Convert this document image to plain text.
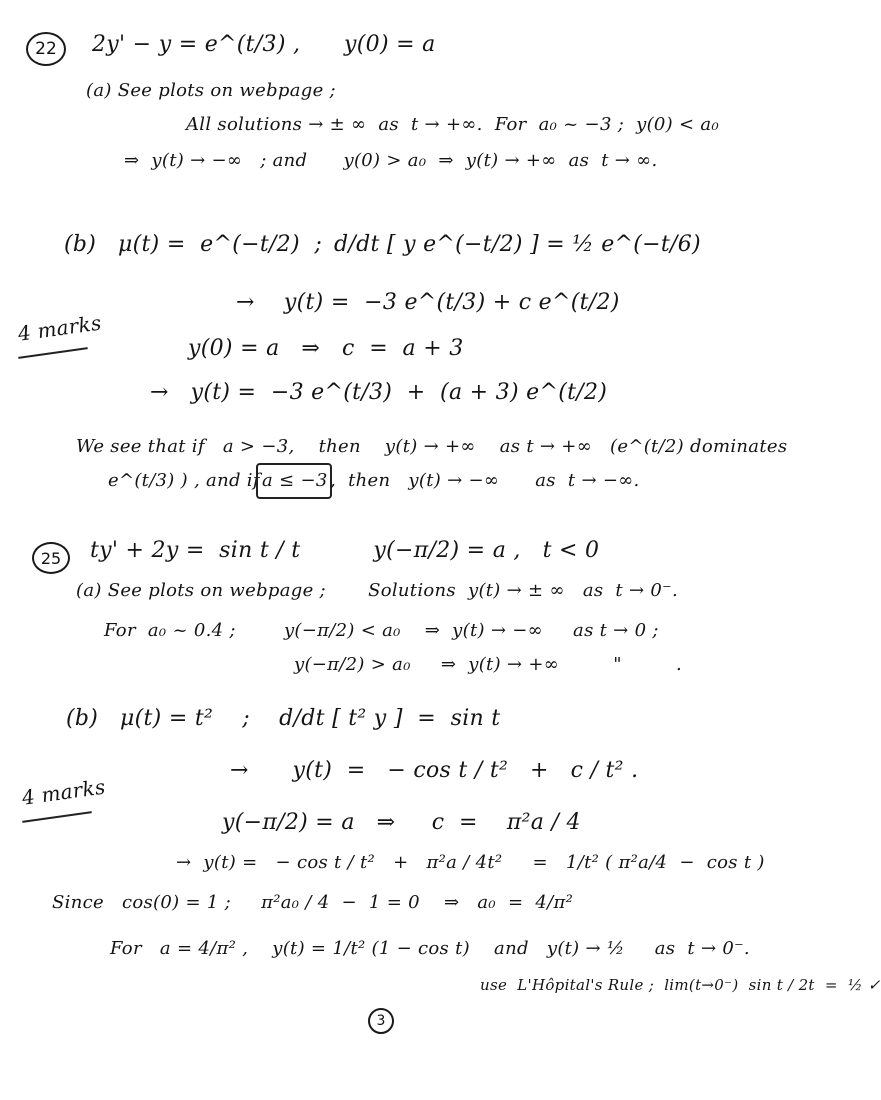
22 2y' − y = e^(t/3) ,      y(0) = a
(a) See plots on webpage ;
All solutions → ± ∞  as  t → +∞.  For  a₀ ~ −3 ;  y(0) < a₀
⇒  y(t) → −∞   ; and      y(0) > a₀  ⇒  y(t) → +∞  as  t → ∞.
(b)   μ(t) =  e^(−t/2)  ; d/dt [ y e^(−t/2) ] = ½ e^(−t/6)
→    y(t) =  −3 e^(t/3) + c e^(t/2)
4 marks
y(0) = a   ⇒   c  =  a + 3
→   y(t) =  −3 e^(t/3)  +  (a + 3) e^(t/2)
We see that if   a > −3,    then    y(t) → +∞    as t → +∞   (e^(t/2) dominates
e^(t/3) ) , and if a ≤ −3 ,  then   y(t) → −∞      as  t → −∞.
25 ty' + 2y =  sin t / t          y(−π/2) = a ,   t < 0
(a) See plots on webpage ;       Solutions  y(t) → ± ∞   as  t → 0⁻.
For  a₀ ~ 0.4 ;        y(−π/2) < a₀    ⇒  y(t) → −∞     as t → 0 ;
y(−π/2) > a₀     ⇒  y(t) → +∞         "         .
(b)   μ(t) = t²    ;    d/dt [ t² y ]  =  sin t
→      y(t)  =   − cos t / t²   +   c / t² .
4 marks
y(−π/2) = a   ⇒     c  =    π²a / 4
→  y(t) =   − cos t / t²   +   π²a / 4t²     =   1/t² ( π²a/4  −  cos t )
Since   cos(0) = 1 ;     π²a₀ / 4  −  1 = 0    ⇒   a₀  =  4/π²
For   a = 4/π² ,    y(t) = 1/t² (1 − cos t)    and   y(t) → ½     as  t → 0⁻.
use  L'Hôpital's Rule ;  lim(t→0⁻)  sin t / 2t  =  ½ ✓
3
